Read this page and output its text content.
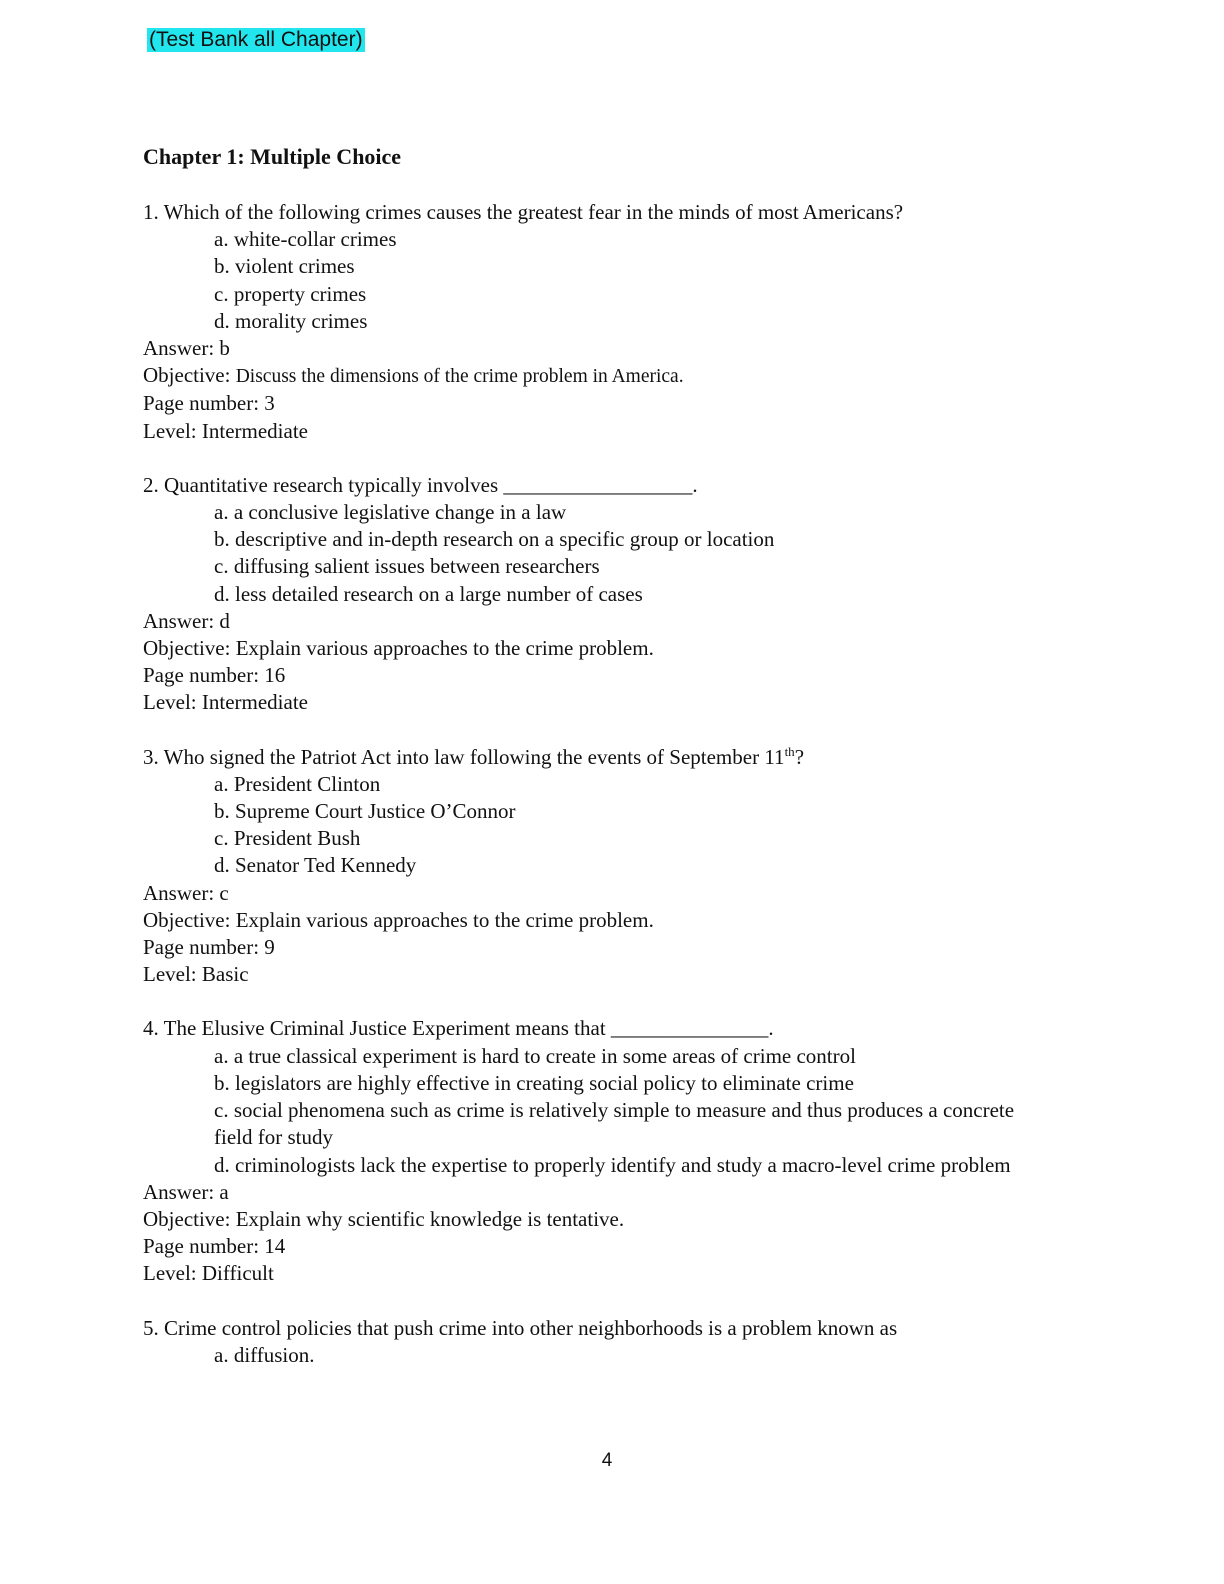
(Test Bank all Chapter)
Chapter 1: Multiple Choice
1. Which of the following crimes causes the greatest fear in the minds of most Americans?
a. white-collar crimes
b. violent crimes
c. property crimes
d. morality crimes
Answer: b
Objective: Discuss the dimensions of the crime problem in America.
Page number: 3
Level: Intermediate
2. Quantitative research typically involves __________________.
a. a conclusive legislative change in a law
b. descriptive and in-depth research on a specific group or location
c. diffusing salient issues between researchers
d. less detailed research on a large number of cases
Answer: d
Objective: Explain various approaches to the crime problem.
Page number: 16
Level: Intermediate
3. Who signed the Patriot Act into law following the events of September 11th?
a. President Clinton
b. Supreme Court Justice O’Connor
c. President Bush
d. Senator Ted Kennedy
Answer: c
Objective: Explain various approaches to the crime problem.
Page number: 9
Level: Basic
4. The Elusive Criminal Justice Experiment means that _______________.
a. a true classical experiment is hard to create in some areas of crime control
b. legislators are highly effective in creating social policy to eliminate crime
c. social phenomena such as crime is relatively simple to measure and thus produces a concrete field for study
d. criminologists lack the expertise to properly identify and study a macro-level crime problem
Answer: a
Objective: Explain why scientific knowledge is tentative.
Page number: 14
Level: Difficult
5. Crime control policies that push crime into other neighborhoods is a problem known as
a. diffusion.
4
